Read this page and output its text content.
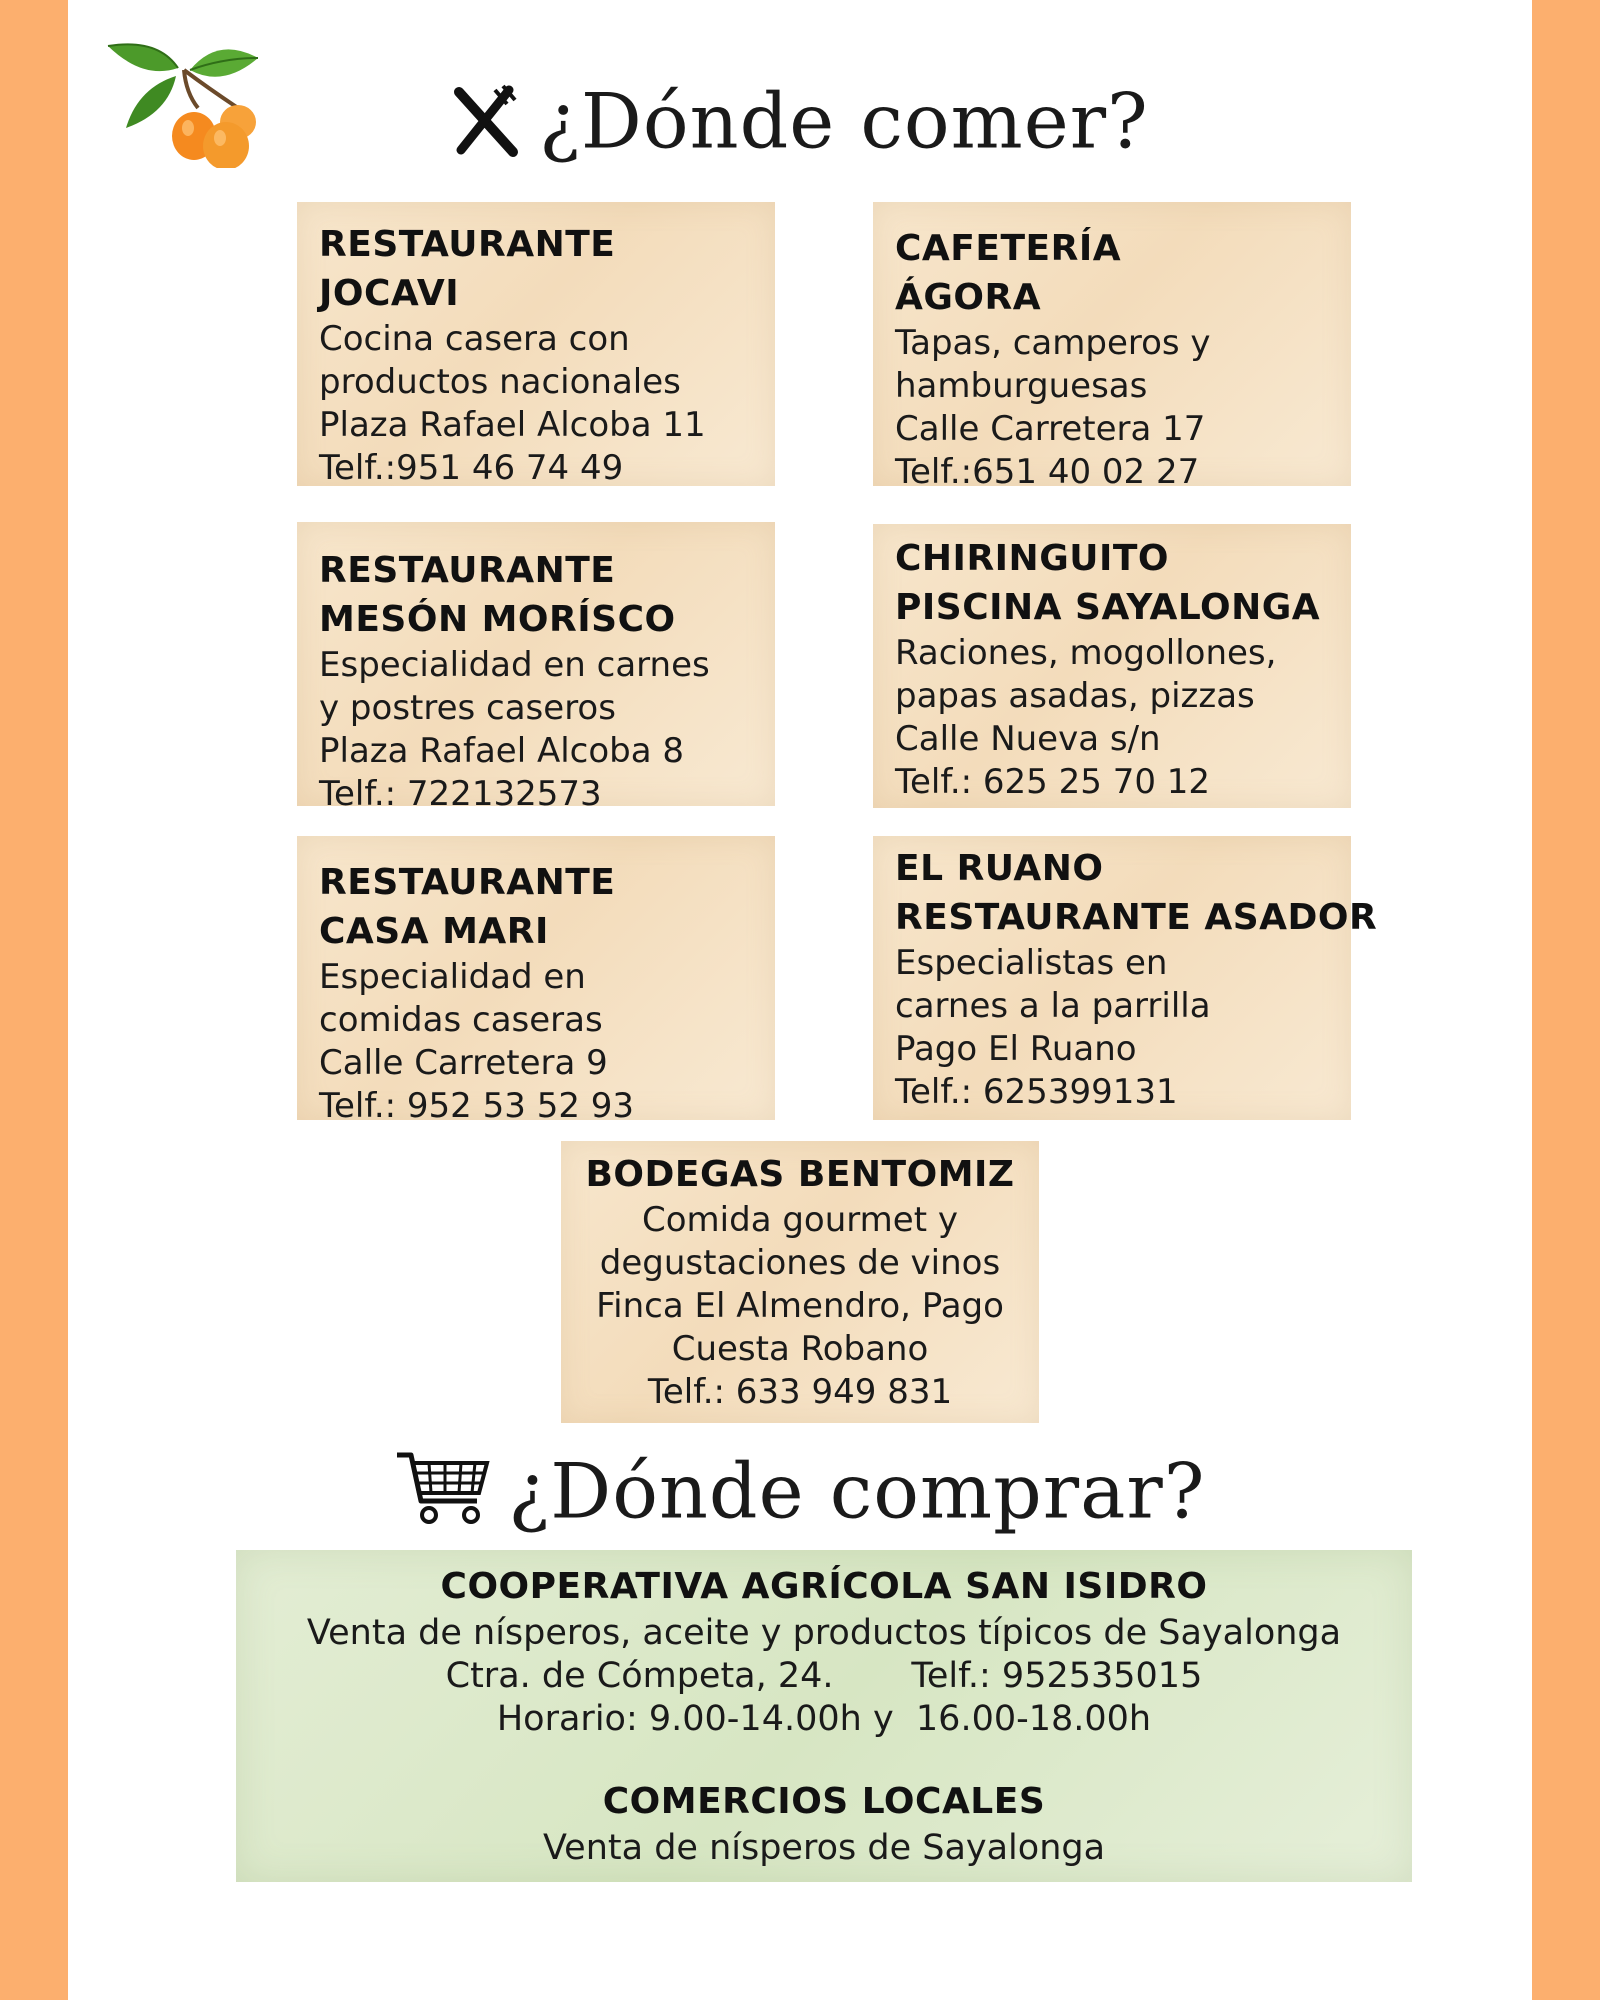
¿Dónde comer?
RESTAURANTE
JOCAVI
Cocina casera con
productos nacionales
Plaza Rafael Alcoba 11
Telf.:951 46 74 49
CAFETERÍA
ÁGORA
Tapas, camperos y
hamburguesas
Calle Carretera 17
Telf.:651 40 02 27
RESTAURANTE
MESÓN MORÍSCO
Especialidad en carnes
y postres caseros
Plaza Rafael Alcoba 8
Telf.: 722132573
CHIRINGUITO
PISCINA SAYALONGA
Raciones, mogollones,
papas asadas, pizzas
Calle Nueva s/n
Telf.: 625 25 70 12
RESTAURANTE
CASA MARI
Especialidad en
comidas caseras
Calle Carretera 9
Telf.: 952 53 52 93
EL RUANO
RESTAURANTE ASADOR
Especialistas en
carnes a la parrilla
Pago El Ruano
Telf.: 625399131
BODEGAS BENTOMIZ
Comida gourmet y
degustaciones de vinos
Finca El Almendro, Pago
Cuesta Robano
Telf.: 633 949 831
¿Dónde comprar?
COOPERATIVA AGRÍCOLA SAN ISIDRO
Venta de nísperos, aceite y productos típicos de Sayalonga
Ctra. de Cómpeta, 24.       Telf.: 952535015
Horario: 9.00-14.00h y  16.00-18.00h
COMERCIOS LOCALES
Venta de nísperos de Sayalonga
